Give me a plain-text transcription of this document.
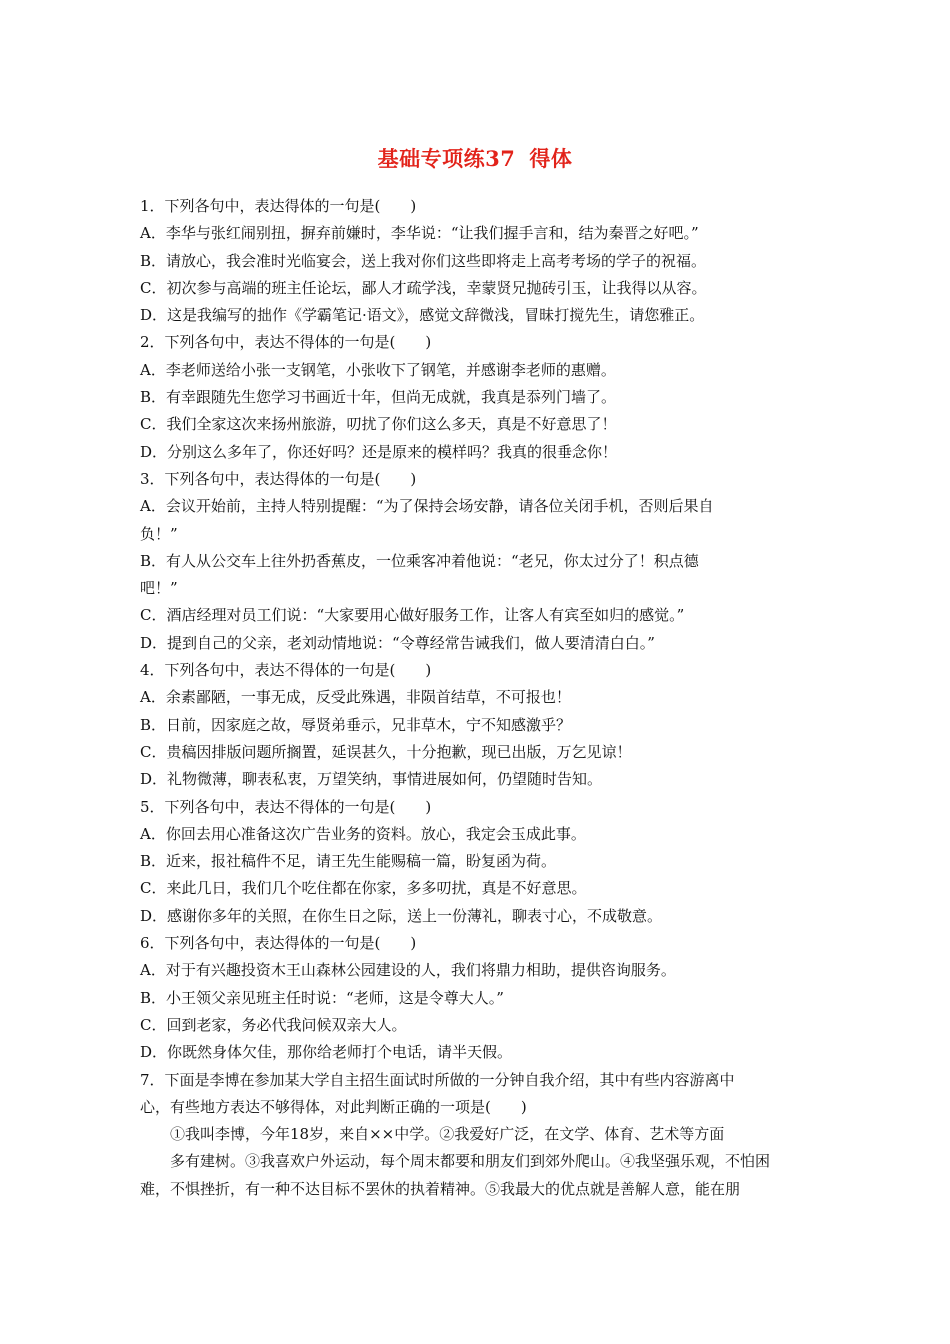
基础专项练37 得体

1．下列各句中，表达得体的一句是(　　)

A．李华与张红闹别扭，摒弃前嫌时，李华说：“让我们握手言和，结为秦晋之好吧。”

B．请放心，我会准时光临宴会，送上我对你们这些即将走上高考考场的学子的祝福。

C．初次参与高端的班主任论坛，鄙人才疏学浅，幸蒙贤兄抛砖引玉，让我得以从容。

D．这是我编写的拙作《学霸笔记·语文》，感觉文辞微浅，冒昧打搅先生，请您雅正。

2．下列各句中，表达不得体的一句是(　　)

A．李老师送给小张一支钢笔，小张收下了钢笔，并感谢李老师的惠赠。

B．有幸跟随先生您学习书画近十年，但尚无成就，我真是忝列门墙了。

C．我们全家这次来扬州旅游，叨扰了你们这么多天，真是不好意思了！

D．分别这么多年了，你还好吗？还是原来的模样吗？我真的很垂念你！

3．下列各句中，表达得体的一句是(　　)

A．会议开始前，主持人特别提醒：“为了保持会场安静，请各位关闭手机，否则后果自

负！”

B．有人从公交车上往外扔香蕉皮，一位乘客冲着他说：“老兄，你太过分了！积点德

吧！”

C．酒店经理对员工们说：“大家要用心做好服务工作，让客人有宾至如归的感觉。”

D．提到自己的父亲，老刘动情地说：“令尊经常告诫我们，做人要清清白白。”

4．下列各句中，表达不得体的一句是(　　)

A．余素鄙陋，一事无成，反受此殊遇，非陨首结草，不可报也！

B．日前，因家庭之故，辱贤弟垂示，兄非草木，宁不知感激乎？

C．贵稿因排版问题所搁置，延误甚久，十分抱歉，现已出版，万乞见谅！

D．礼物微薄，聊表私衷，万望笑纳，事情进展如何，仍望随时告知。

5．下列各句中，表达不得体的一句是(　　)

A．你回去用心准备这次广告业务的资料。放心，我定会玉成此事。

B．近来，报社稿件不足，请王先生能赐稿一篇，盼复函为荷。

C．来此几日，我们几个吃住都在你家，多多叨扰，真是不好意思。

D．感谢你多年的关照，在你生日之际，送上一份薄礼，聊表寸心，不成敬意。

6．下列各句中，表达得体的一句是(　　)

A．对于有兴趣投资木王山森林公园建设的人，我们将鼎力相助，提供咨询服务。

B．小王领父亲见班主任时说：“老师，这是令尊大人。”

C．回到老家，务必代我问候双亲大人。

D．你既然身体欠佳，那你给老师打个电话，请半天假。

7．下面是李博在参加某大学自主招生面试时所做的一分钟自我介绍，其中有些内容游离中

心，有些地方表达不够得体，对此判断正确的一项是(　　)

①我叫李博，今年18岁，来自××中学。②我爱好广泛，在文学、体育、艺术等方面

多有建树。③我喜欢户外运动，每个周末都要和朋友们到郊外爬山。④我坚强乐观，不怕困

难，不惧挫折，有一种不达目标不罢休的执着精神。⑤我最大的优点就是善解人意，能在朋
